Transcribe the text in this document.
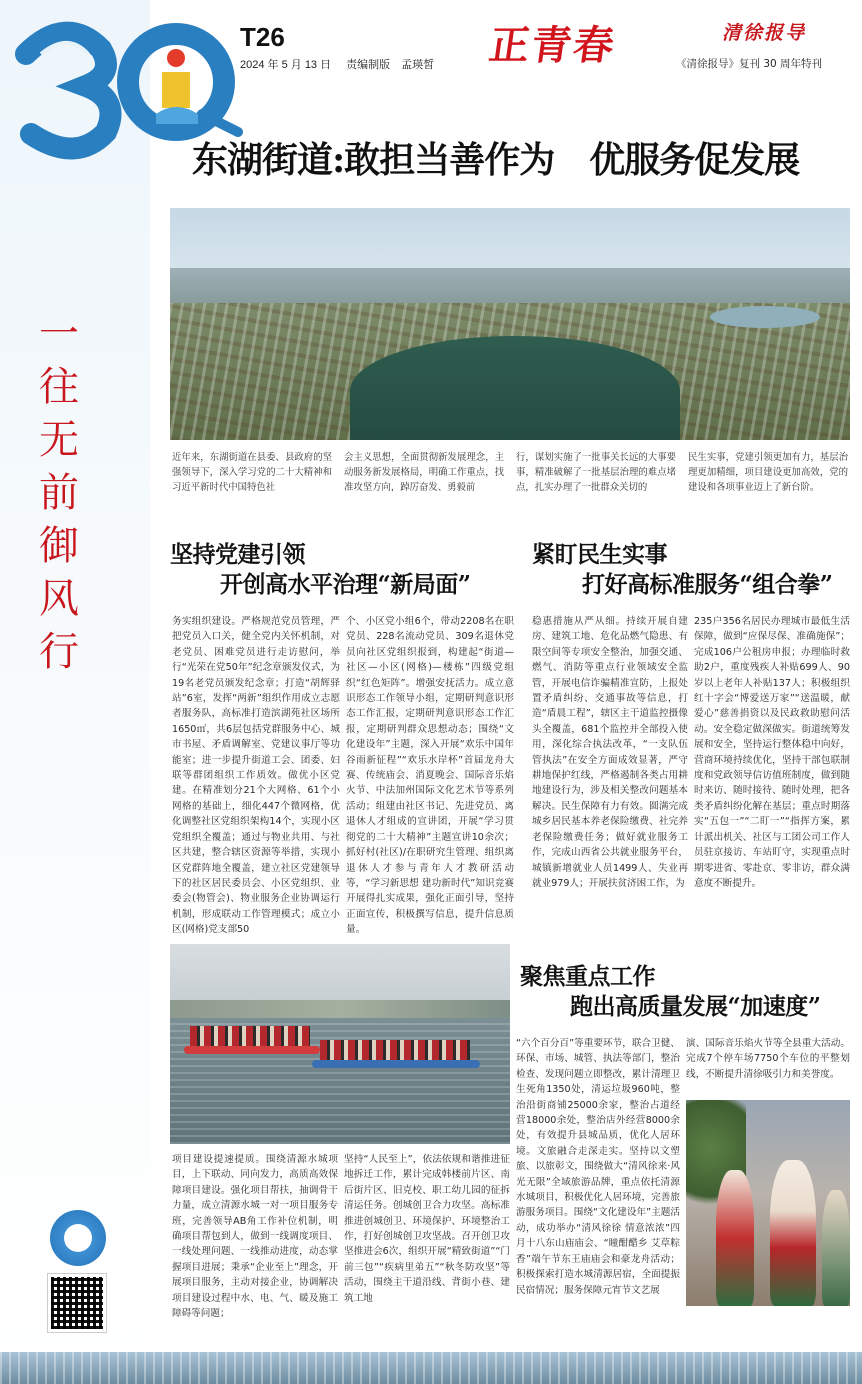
一
往
无
前
御
风
行
T26
2024 年 5 月 13 日 责编制版　孟瑛皙	正青春	清徐报导
《清徐报导》复刊 30 周年特刊
东湖街道:敢担当善作为　优服务促发展

近年来，东湖街道在县委、县政府的坚强领导下，深入学习党的二十大精神和习近平新时代中国特色社

会主义思想，全面贯彻新发展理念，主动服务新发展格局，明确工作重点，找准攻坚方向，踔厉奋发、勇毅前

行，谋划实施了一批事关长远的大事要事，精准破解了一批基层治理的难点堵点，扎实办理了一批群众关切的

民生实事，党建引领更加有力，基层治理更加精细，项目建设更加高效，党的建设和各项事业迈上了新台阶。

坚持党建引领
开创高水平治理“新局面”

务实组织建设。严格规范党员管理，严把党员入口关，健全党内关怀机制，对老党员、困难党员进行走访慰问，举行“光荣在党50年”纪念章颁发仪式，为19名老党员颁发纪念章；打造“胡辉驿站”6室，发挥“两新”组织作用成立志愿者服务队，高标准打造滨湖苑社区场所1650㎡，共6层包括党群服务中心、城市书屋、矛盾调解室、党建议事厅等功能室；进一步提升街道工会、团委、妇联等群团组织工作质效。做优小区党建。在精准划分21个大网格、61个小网格的基础上，细化447个微网格，优化调整社区党组织架构14个，实现小区党组织全覆盖；通过与物业共用、与社区共建，整合辖区资源等举措，实现小区党群阵地全覆盖，建立社区党建领导下的社区居民委员会、小区党组织、业委会(物管会)、物业服务企业协调运行机制，形成联动工作管理模式；成立小区(网格)党支部50

个、小区党小组6个，带动2208名在职党员、228名流动党员、309名退休党员向社区党组织报到，构建起“街道—社区—小区(网格)—楼栋”四级党组织“红色矩阵”。增强安抚活力。成立意识形态工作领导小组，定期研判意识形态工作汇报，定期研判意识形态工作汇报，定期研判群众思想动态；围绕“文化建设年”主题，深入开展“欢乐中国年 谷雨新征程”“欢乐水岸杯”首届龙舟大赛、传统庙会、消夏晚会、国际音乐焰火节、中法加州国际文化艺术节等系列活动；组建由社区书记、先进党员、离退休人才组成的宣讲团，开展“学习贯彻党的二十大精神”主题宣讲10余次；抓好村(社区)/在职研究生管理、组织离退休人才参与青年人才教研活动等，“学习新思想 建功新时代”知识竞赛开展得扎实成果，强化正面引导，坚持正面宣传，积极撰写信息，提升信息质量。

紧盯民生实事
打好高标准服务“组合拳”

稳惠措施从严从细。持续开展自建房、建筑工地、危化品燃气隐患、有限空间等专项安全整治，加强交通、燃气、消防等重点行业领域安全监管，开展电信诈骗精准宣防，上报处置矛盾纠纷、交通事故等信息，打造“盾晨工程”，辖区主干道监控摄像头全覆盖，681个监控并全部投入使用，深化综合执法改革，“一支队伍管执法”在安全方面成效显著，严守耕地保护红线，严格遏制各类占用耕地建设行为，涉及相关整改问题基本解决。民生保障有力有效。圆满完成城乡居民基本养老保险缴费、社完养老保险缴费任务；做好就业服务工作，完成山西省公共就业服务平台，城镇新增就业人员1499人、失业再就业979人；开展扶贫济困工作，为

235户356名居民办理城市最低生活保障，做到“应保尽保、准确施保”；完成106户公租房申报；办理临时救助2户，重度残疾人补贴699人、90岁以上老年人补贴137人；积极组织红十字会“博爱送万家”“送温暖，献爱心”慈善捐资以及民政救助慰问活动。安全稳定做深做实。街道统筹发展和安全，坚持运行整体稳中向好，营商环境持续优化，坚持干部包联制度和党政领导信访值班制度，做到随时来访、随时接待、随时处理，把各类矛盾纠纷化解在基层；重点时期落实“五包一”“二盯一”“指挥方案，累计派出机关、社区与工团公司工作人员驻京接访、车站盯守，实现重点时期零进省、零赴京、零非访，群众满意度不断提升。

聚焦重点工作
跑出高质量发展“加速度”

项目建设提速提质。围绕清源水城项目，上下联动、同向发力，高质高效保障项目建设。强化项目帮扶，抽调骨干力量，成立清源水城一对一项目服务专班，完善领导AB角工作补位机制，明确项目帮包到人，做到一线调度项目、一线处理问题、一线推动进度，动态掌握项目进展；秉承“企业至上”理念，开展项目服务，主动对接企业，协调解决项目建设过程中水、电、气、暖及施工障碍等问题；

坚持“人民至上”，依法依规和谐推进征地拆迁工作，累计完成韩楼前片区、南后街片区、旧克校、职工幼儿园的征拆清运任务。创城创卫合力攻坚。高标准推进创城创卫、环境保护、环境整治工作，打好创城创卫攻坚战。召开创卫攻坚推进会6次，组织开展“精致街道”“门前三包”“疾病里弟五”“秋冬防攻坚”等活动，围绕主干道沿线、背街小巷、建筑工地

“六个百分百”等重要环节，联合卫健、环保、市场、城管、执法等部门，整治检查、发现问题立即整改，累计清理卫生死角1350处，清运垃圾960吨，整治沿街商铺25000余家，整治占道经营18000余处，整治店外经营8000余处，有效提升县城品质，优化人居环境。文旅融合走深走实。坚持以文塑旅、以旅彰文，围绕做大“清风徐来·风光无限”全域旅游品牌，重点依托清源水城项目，积极优化人居环境，完善旅游服务项目。围绕“文化建设年”主题活动，成功举办“清风徐徐 情意浓浓”四月十八东山庙庙会、“瞳酣醋乡 艾草粽香”端午节东王庙庙会和豪龙舟活动；积极探索打造水城清源居宿，全面提振民宿情况；服务保障元宵节文艺展

演、国际音乐焰火节等全县重大活动。完成7个停车场7750个车位的平整划线，不断提升清徐吸引力和美誉度。
